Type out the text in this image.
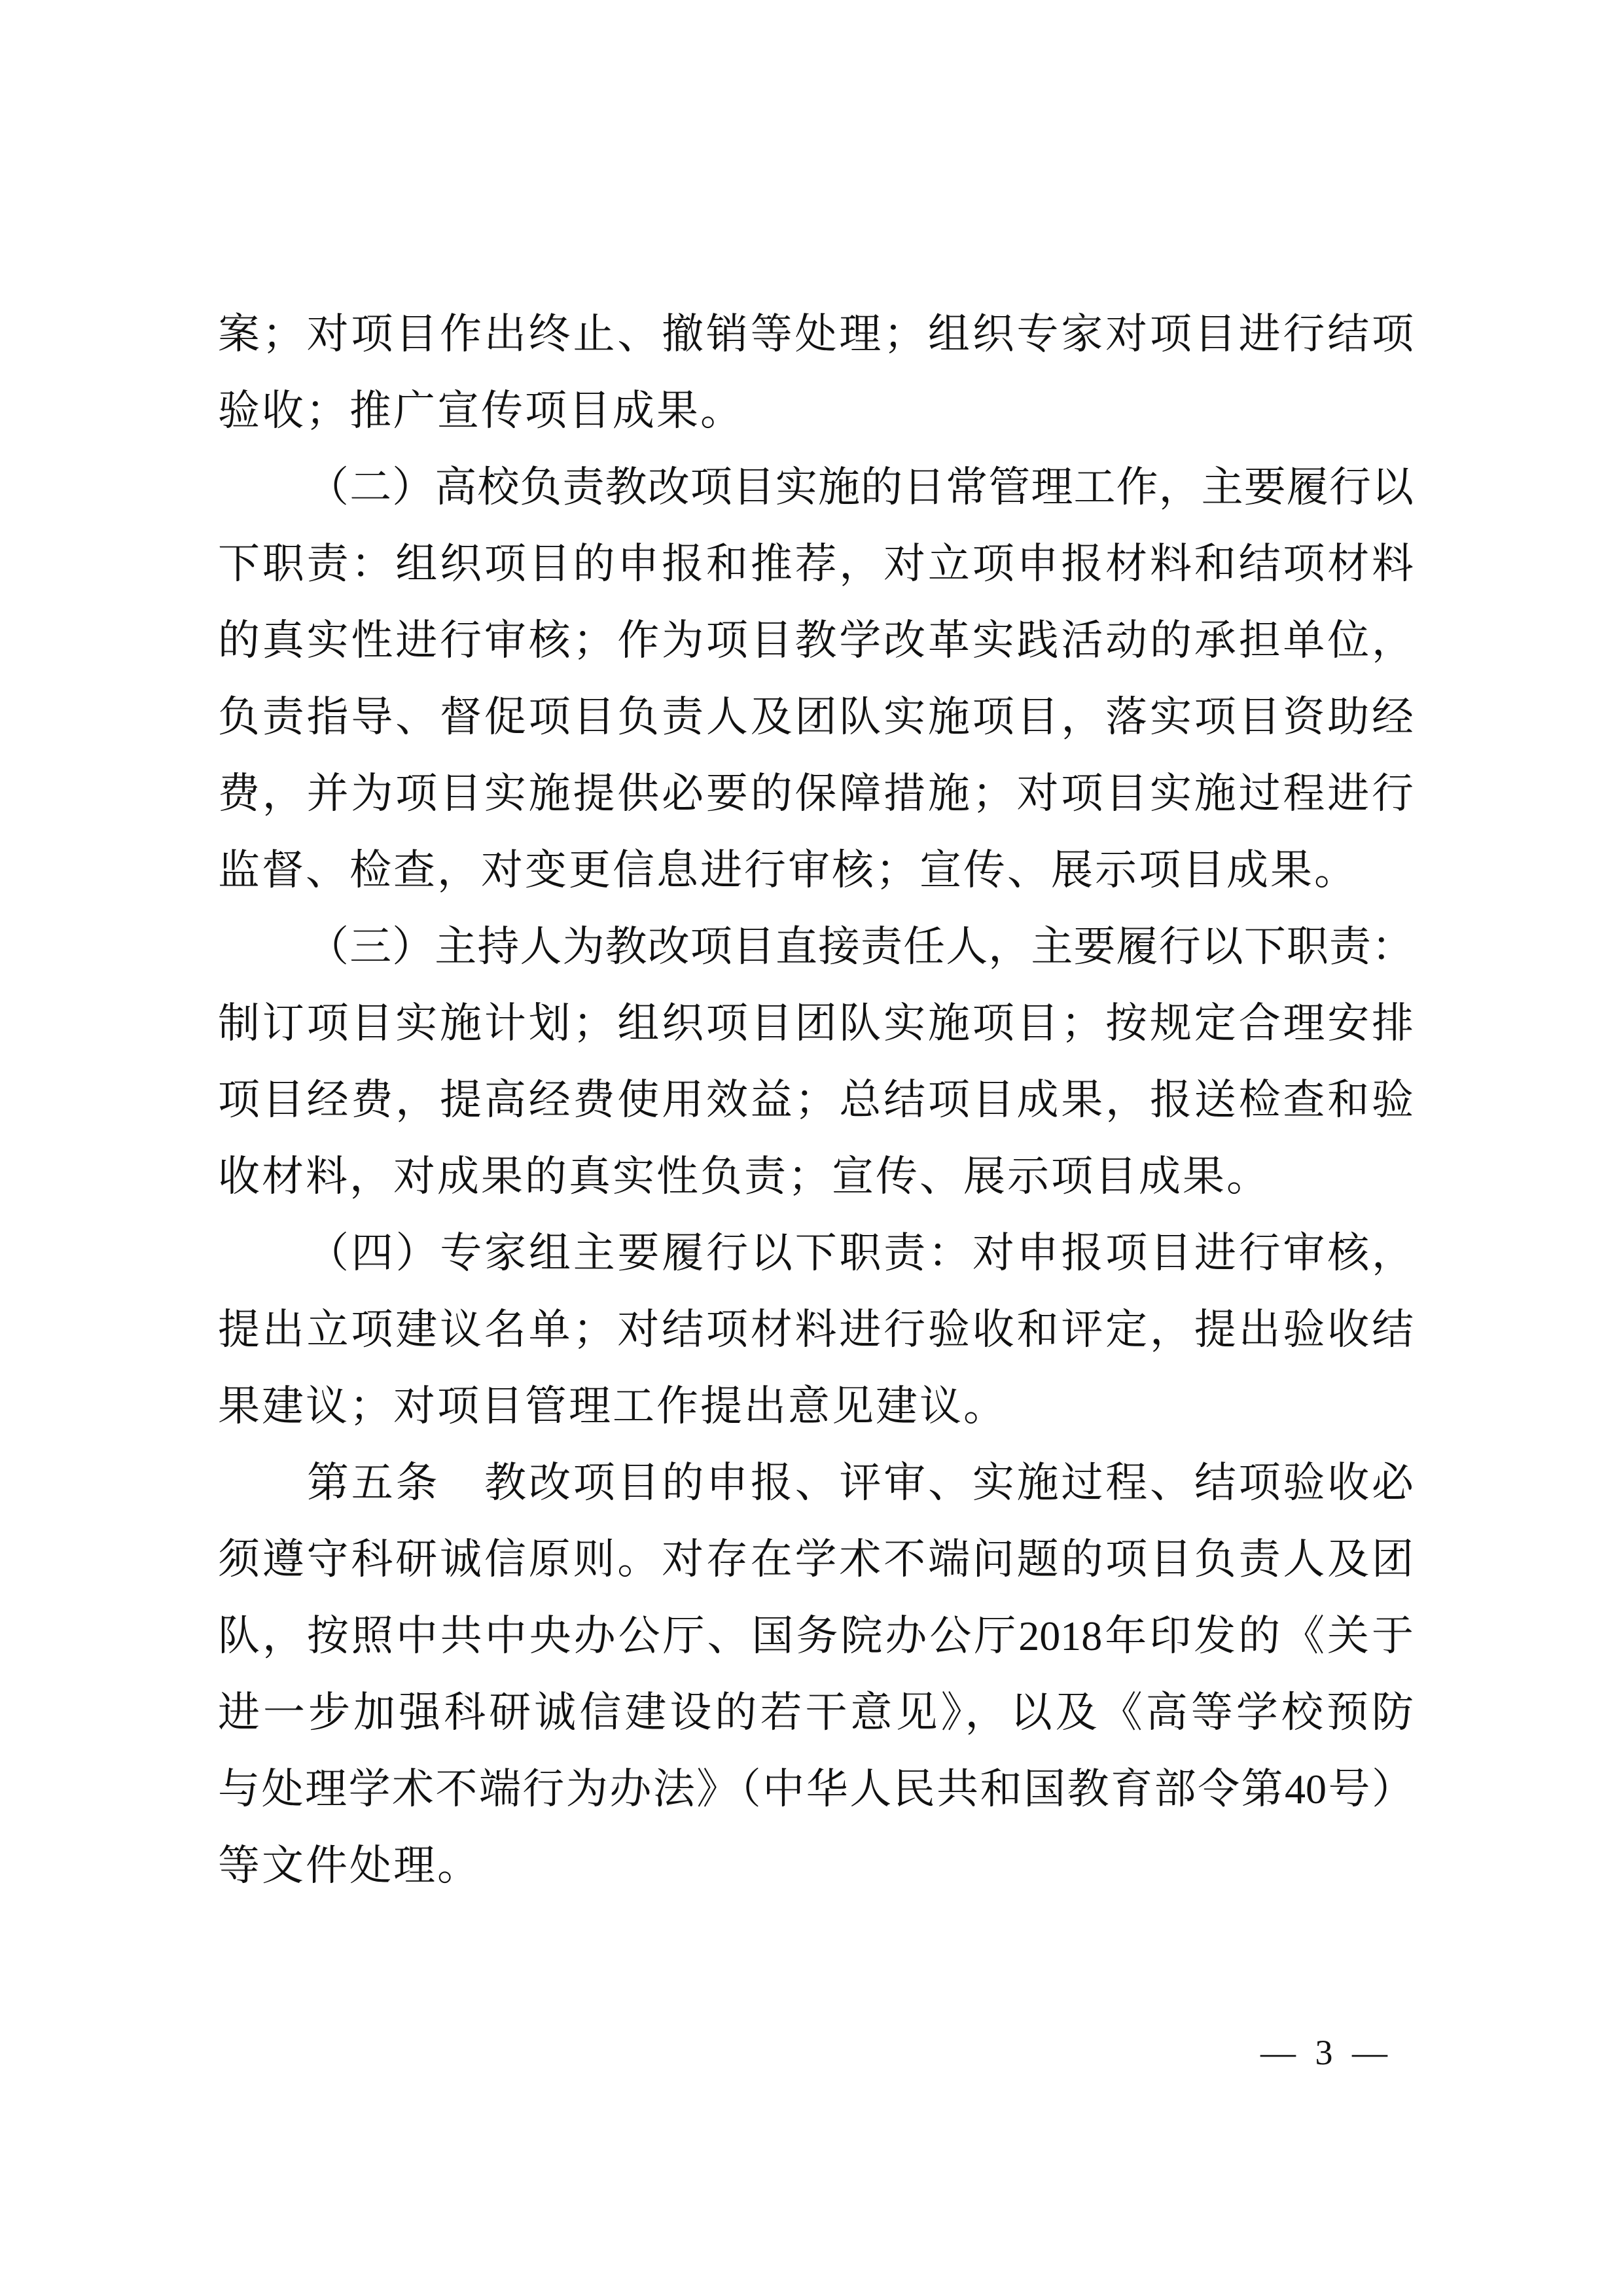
案；对项目作出终止、撤销等处理；组织专家对项目进行结项
验收；推广宣传项目成果。
（二）高校负责教改项目实施的日常管理工作，主要履行以
下职责：组织项目的申报和推荐，对立项申报材料和结项材料
的真实性进行审核；作为项目教学改革实践活动的承担单位，
负责指导、督促项目负责人及团队实施项目，落实项目资助经
费，并为项目实施提供必要的保障措施；对项目实施过程进行
监督、检查，对变更信息进行审核；宣传、展示项目成果。
（三）主持人为教改项目直接责任人，主要履行以下职责：
制订项目实施计划；组织项目团队实施项目；按规定合理安排
项目经费，提高经费使用效益；总结项目成果，报送检查和验
收材料，对成果的真实性负责；宣传、展示项目成果。
（四）专家组主要履行以下职责：对申报项目进行审核，
提出立项建议名单；对结项材料进行验收和评定，提出验收结
果建议；对项目管理工作提出意见建议。
第五条　教改项目的申报、评审、实施过程、结项验收必
须遵守科研诚信原则。对存在学术不端问题的项目负责人及团
队，按照中共中央办公厅、国务院办公厅2018年印发的《关于
进一步加强科研诚信建设的若干意见》，以及《高等学校预防
与处理学术不端行为办法》（中华人民共和国教育部令第40号）
等文件处理。
— 3 —
